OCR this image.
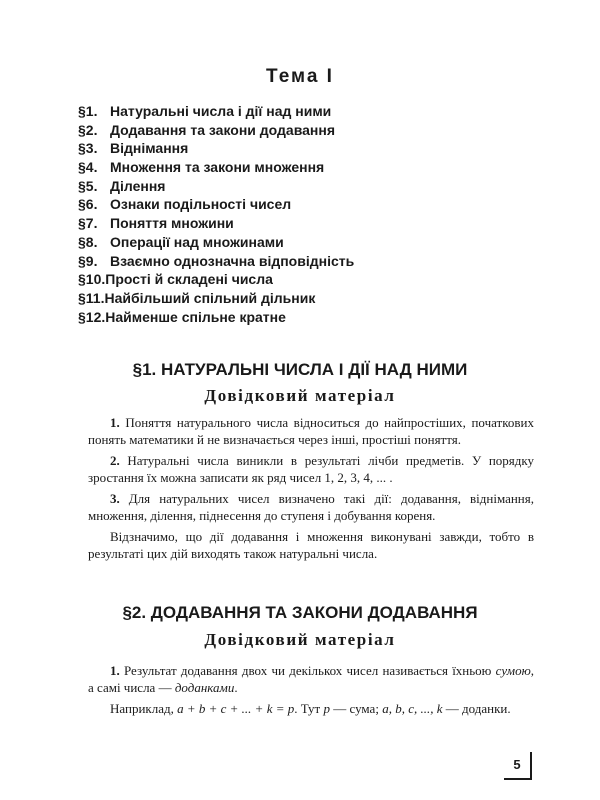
Тема I
§1. Натуральні числа і дії над ними
§2. Додавання та закони додавання
§3. Віднімання
§4. Множення та закони множення
§5. Ділення
§6. Ознаки подільності чисел
§7. Поняття множини
§8. Операції над множинами
§9. Взаємно однозначна відповідність
§10.Прості й складені числа
§11.Найбільший спільний дільник
§12.Найменше спільне кратне
§1. НАТУРАЛЬНІ ЧИСЛА І ДІЇ НАД НИМИ
Довідковий матеріал

1. Поняття натурального числа відноситься до найпростіших, початкових понять математики й не визначається через інші, простіші поняття.

2. Натуральні числа виникли в результаті лічби предметів. У порядку зростання їх можна записати як ряд чисел 1, 2, 3, 4, ... .

3. Для натуральних чисел визначено такі дії: додавання, віднімання, множення, ділення, піднесення до ступеня і добування кореня.

Відзначимо, що дії додавання і множення виконувані завжди, тобто в результаті цих дій виходять також натуральні числа.

§2. ДОДАВАННЯ ТА ЗАКОНИ ДОДАВАННЯ
Довідковий матеріал

1. Результат додавання двох чи декількох чисел називається їхньою сумою, а самі числа — доданками.

Наприклад, a + b + c + ... + k = p. Тут p — сума; a, b, c, ..., k — доданки.

5
